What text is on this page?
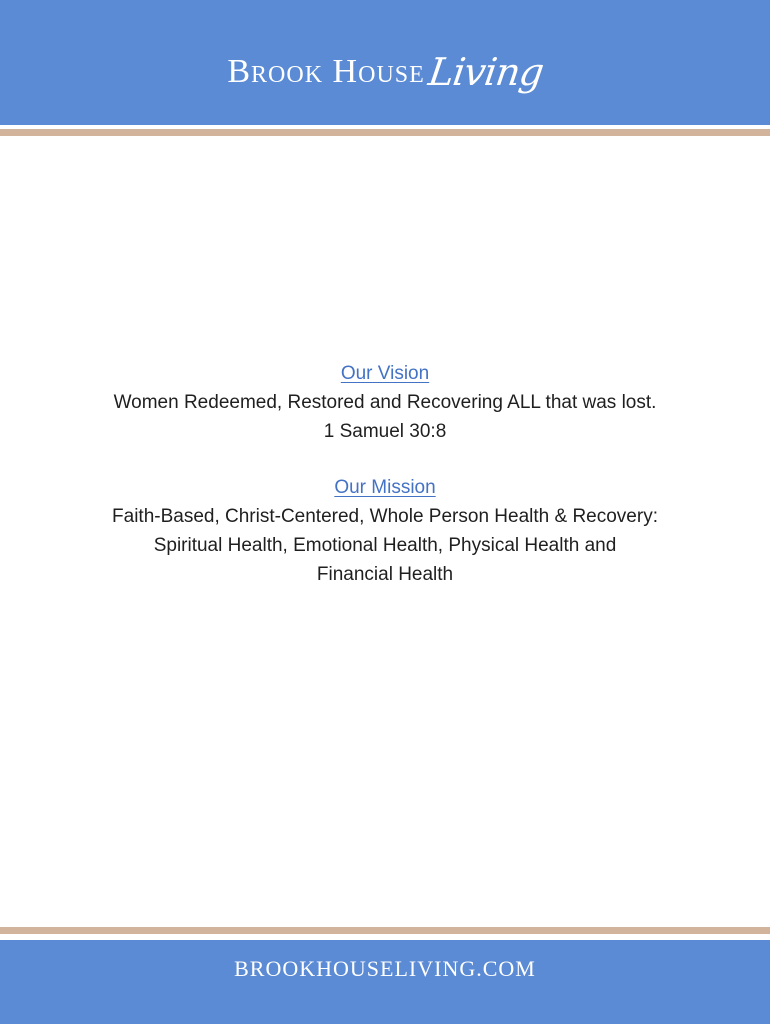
Brook HouseLiving
Our Vision
Women Redeemed, Restored and Recovering ALL that was lost.
1 Samuel 30:8
Our Mission
Faith-Based, Christ-Centered, Whole Person Health & Recovery:
Spiritual Health, Emotional Health, Physical Health and
Financial Health
BROOKHOUSELIVING.COM
